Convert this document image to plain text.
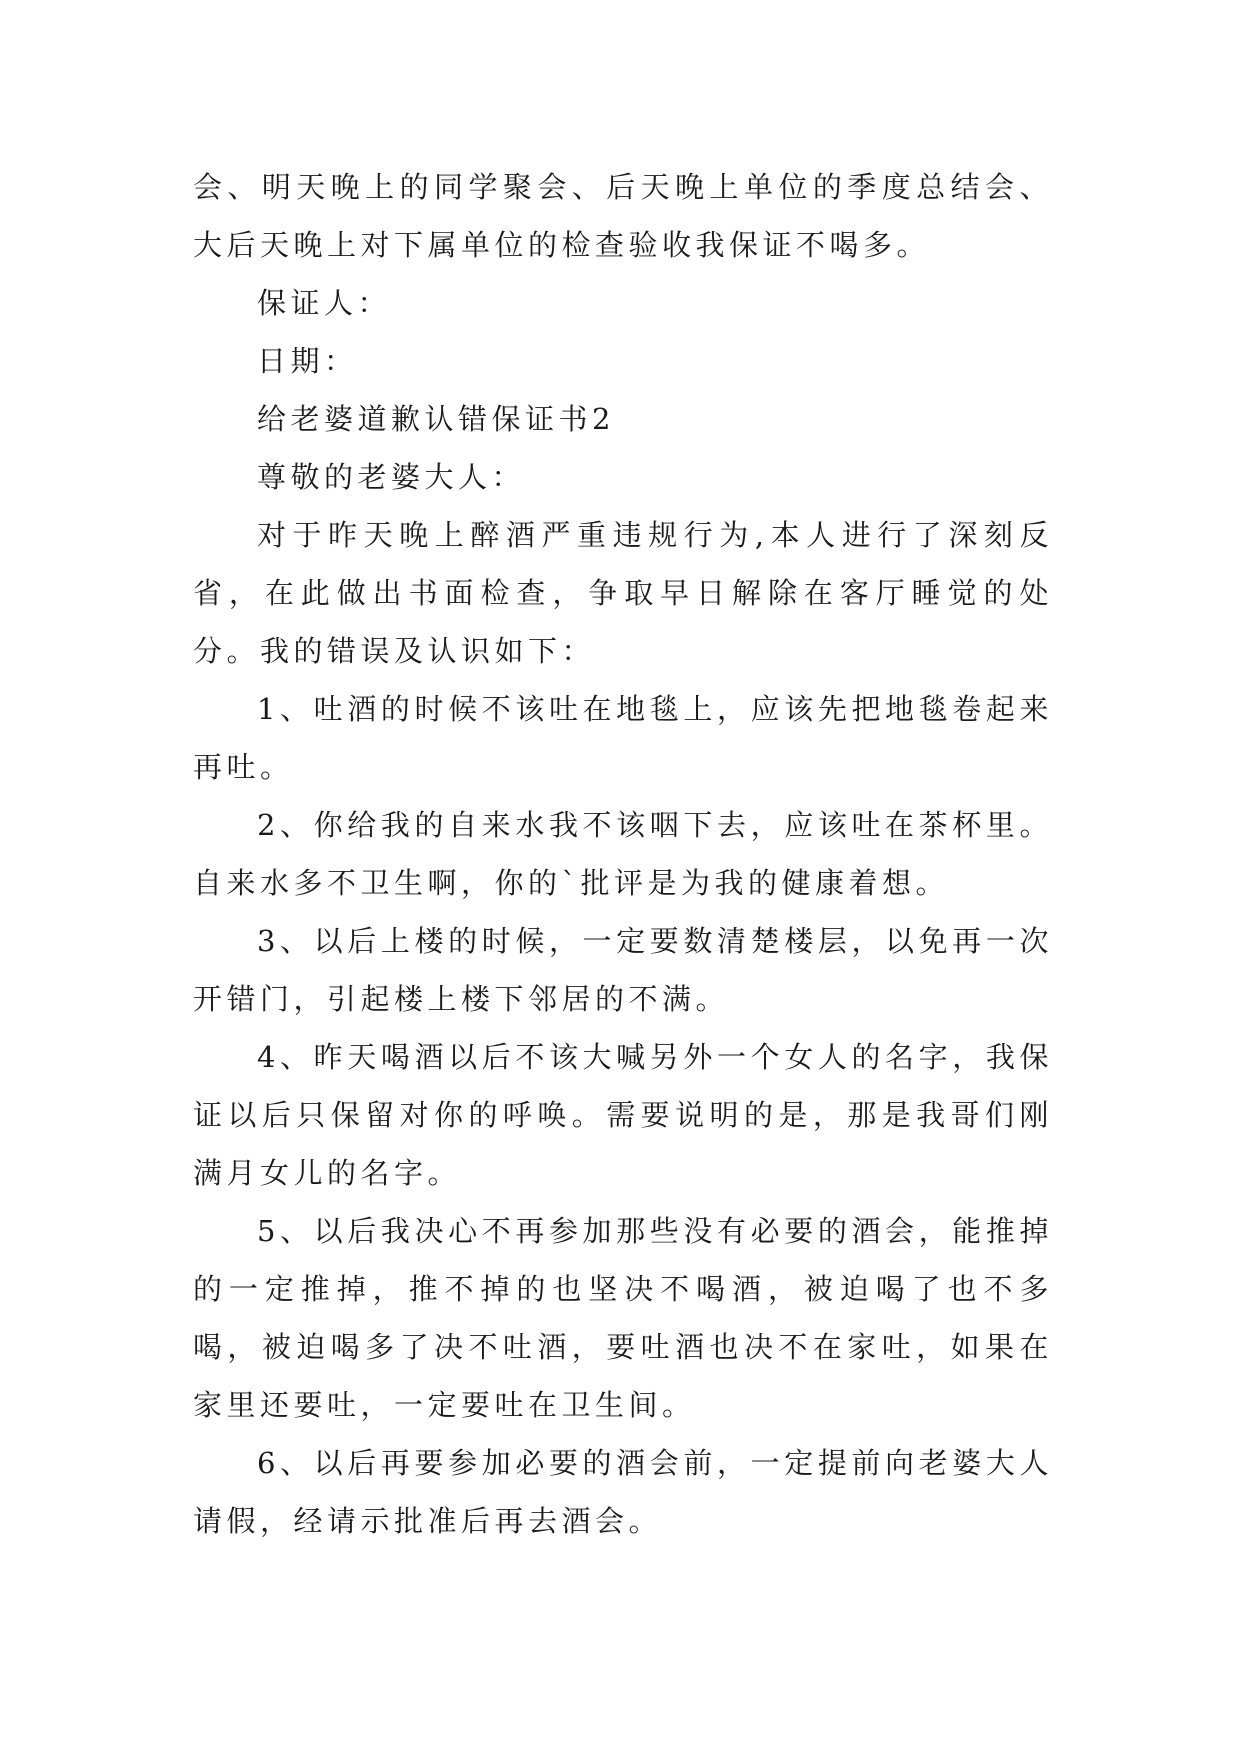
会、明天晚上的同学聚会、后天晚上单位的季度总结会、大后天晚上对下属单位的检查验收我保证不喝多。

保证人：

日期：

给老婆道歉认错保证书2

尊敬的老婆大人：

对于昨天晚上醉酒严重违规行为,本人进行了深刻反省，在此做出书面检查，争取早日解除在客厅睡觉的处分。我的错误及认识如下：

1、吐酒的时候不该吐在地毯上，应该先把地毯卷起来再吐。

2、你给我的自来水我不该咽下去，应该吐在茶杯里。自来水多不卫生啊，你的`批评是为我的健康着想。

3、以后上楼的时候，一定要数清楚楼层，以免再一次开错门，引起楼上楼下邻居的不满。

4、昨天喝酒以后不该大喊另外一个女人的名字，我保证以后只保留对你的呼唤。需要说明的是，那是我哥们刚满月女儿的名字。

5、以后我决心不再参加那些没有必要的酒会，能推掉的一定推掉，推不掉的也坚决不喝酒，被迫喝了也不多喝，被迫喝多了决不吐酒，要吐酒也决不在家吐，如果在家里还要吐，一定要吐在卫生间。

6、以后再要参加必要的酒会前，一定提前向老婆大人请假，经请示批准后再去酒会。
